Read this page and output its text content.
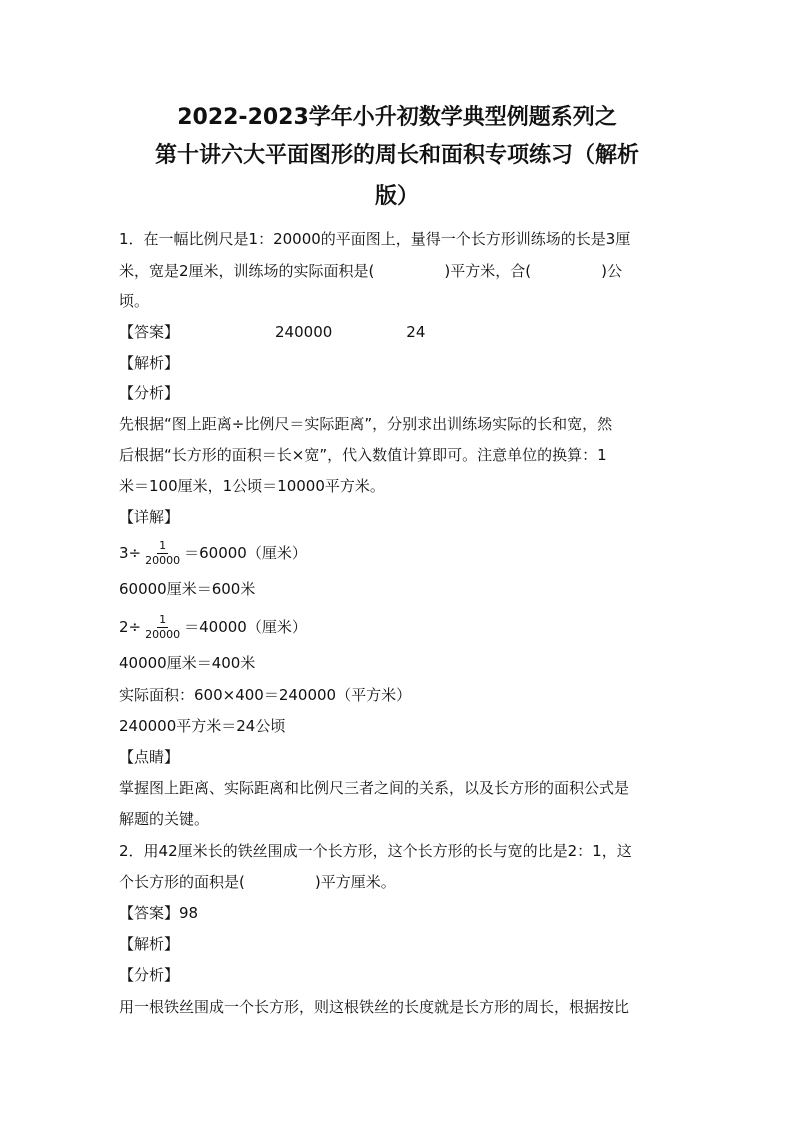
2022-2023学年小升初数学典型例题系列之
第十讲六大平面图形的周长和面积专项练习（解析
版）
1．在一幅比例尺是1：20000的平面图上，量得一个长方形训练场的长是3厘
米，宽是2厘米，训练场的实际面积是(	)平方米，合(	)公
顷。
【答案】	240000	24
【解析】
【分析】
先根据“图上距离÷比例尺＝实际距离”，分别求出训练场实际的长和宽，然
后根据“长方形的面积＝长×宽”，代入数值计算即可。注意单位的换算：1
米＝100厘米，1公顷＝10000平方米。
【详解】
$3\div \frac{1}{20000} =60000$（厘米）
60000厘米＝600米
$2\div \frac{1}{20000} =40000$（厘米）
40000厘米＝400米
实际面积：600×400＝240000（平方米）
240000平方米＝24公顷
【点睛】
掌握图上距离、实际距离和比例尺三者之间的关系，以及长方形的面积公式是
解题的关键。
2．用42厘米长的铁丝围成一个长方形，这个长方形的长与宽的比是2：1，这
个长方形的面积是(	)平方厘米。
【答案】98
【解析】
【分析】
用一根铁丝围成一个长方形，则这根铁丝的长度就是长方形的周长，根据按比
